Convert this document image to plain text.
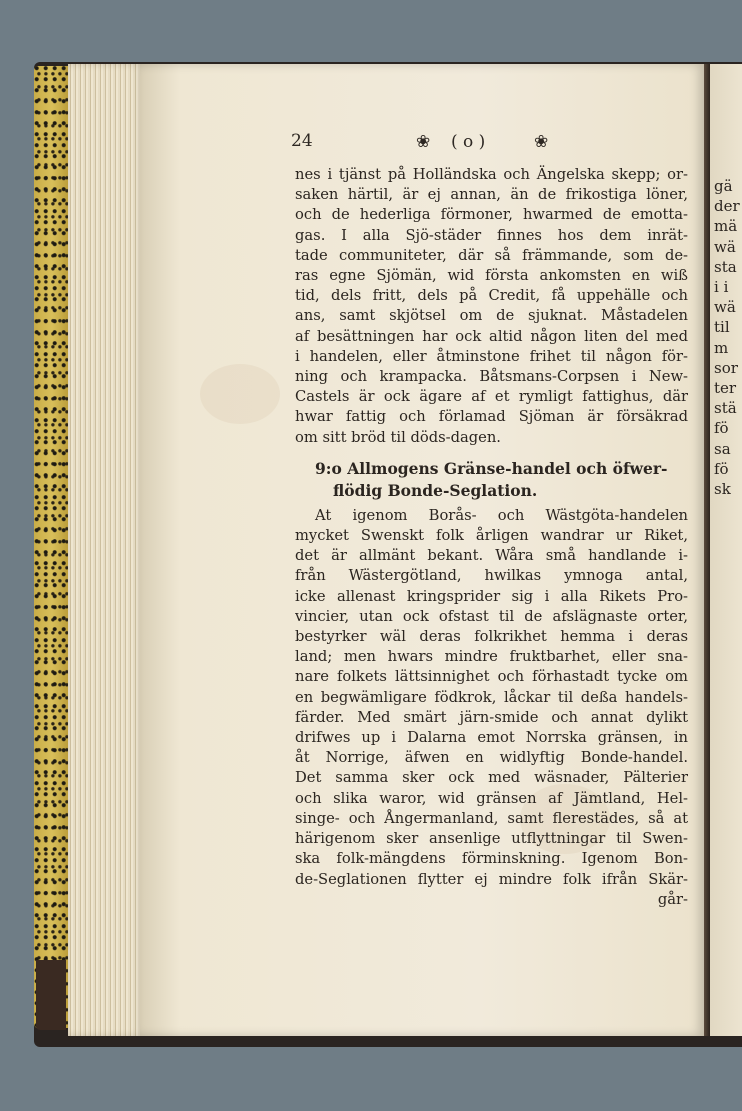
gä
der
mä
wä
sta
i i
wä
til
m
sor
ter
stä
fö
sa
fö
sk
24	❀ ( o )	❀
nes i tjänst på Holländska och Ängelska skepp; or-
saken härtil, är ej annan, än de frikostiga löner,
och de hederliga förmoner, hwarmed de emotta-
gas. I alla Sjö-städer finnes hos dem inrät-
tade communiteter, där så främmande, som de-
ras egne Sjömän, wid första ankomsten en wiß
tid, dels fritt, dels på Credit, få uppehälle och
ans, samt skjötsel om de sjuknat. Måstadelen
af besättningen har ock altid någon liten del med
i handelen, eller åtminstone frihet til någon för-
ning och krampacka. Båtsmans-Corpsen i New-
Castels är ock ägare af et rymligt fattighus, där
hwar fattig och förlamad Sjöman är försäkrad
om sitt bröd til döds-dagen.
9:o Allmogens Gränse-handel och öfwer-
flödig Bonde-Seglation.
At igenom Borås- och Wästgöta-handelen
mycket Swenskt folk årligen wandrar ur Riket,
det är allmänt bekant. Wåra små handlande i-
från Wästergötland, hwilkas ymnoga antal,
icke allenast kringsprider sig i alla Rikets Pro-
vincier, utan ock ofstast til de afslägnaste orter,
bestyrker wäl deras folkrikhet hemma i deras
land; men hwars mindre fruktbarhet, eller sna-
nare folkets lättsinnighet och förhastadt tycke om
en begwämligare födkrok, låckar til deßa handels-
färder. Med smärt järn-smide och annat dylikt
drifwes up i Dalarna emot Norrska gränsen, in
åt Norrige, äfwen en widlyftig Bonde-handel.
Det samma sker ock med wäsnader, Pälterier
och slika waror, wid gränsen af Jämtland, Hel-
singe- och Ångermanland, samt flerestädes, så at
härigenom sker ansenlige utflyttningar til Swen-
ska folk-mängdens förminskning. Igenom Bon-
de-Seglationen flytter ej mindre folk ifrån Skär-
går-
